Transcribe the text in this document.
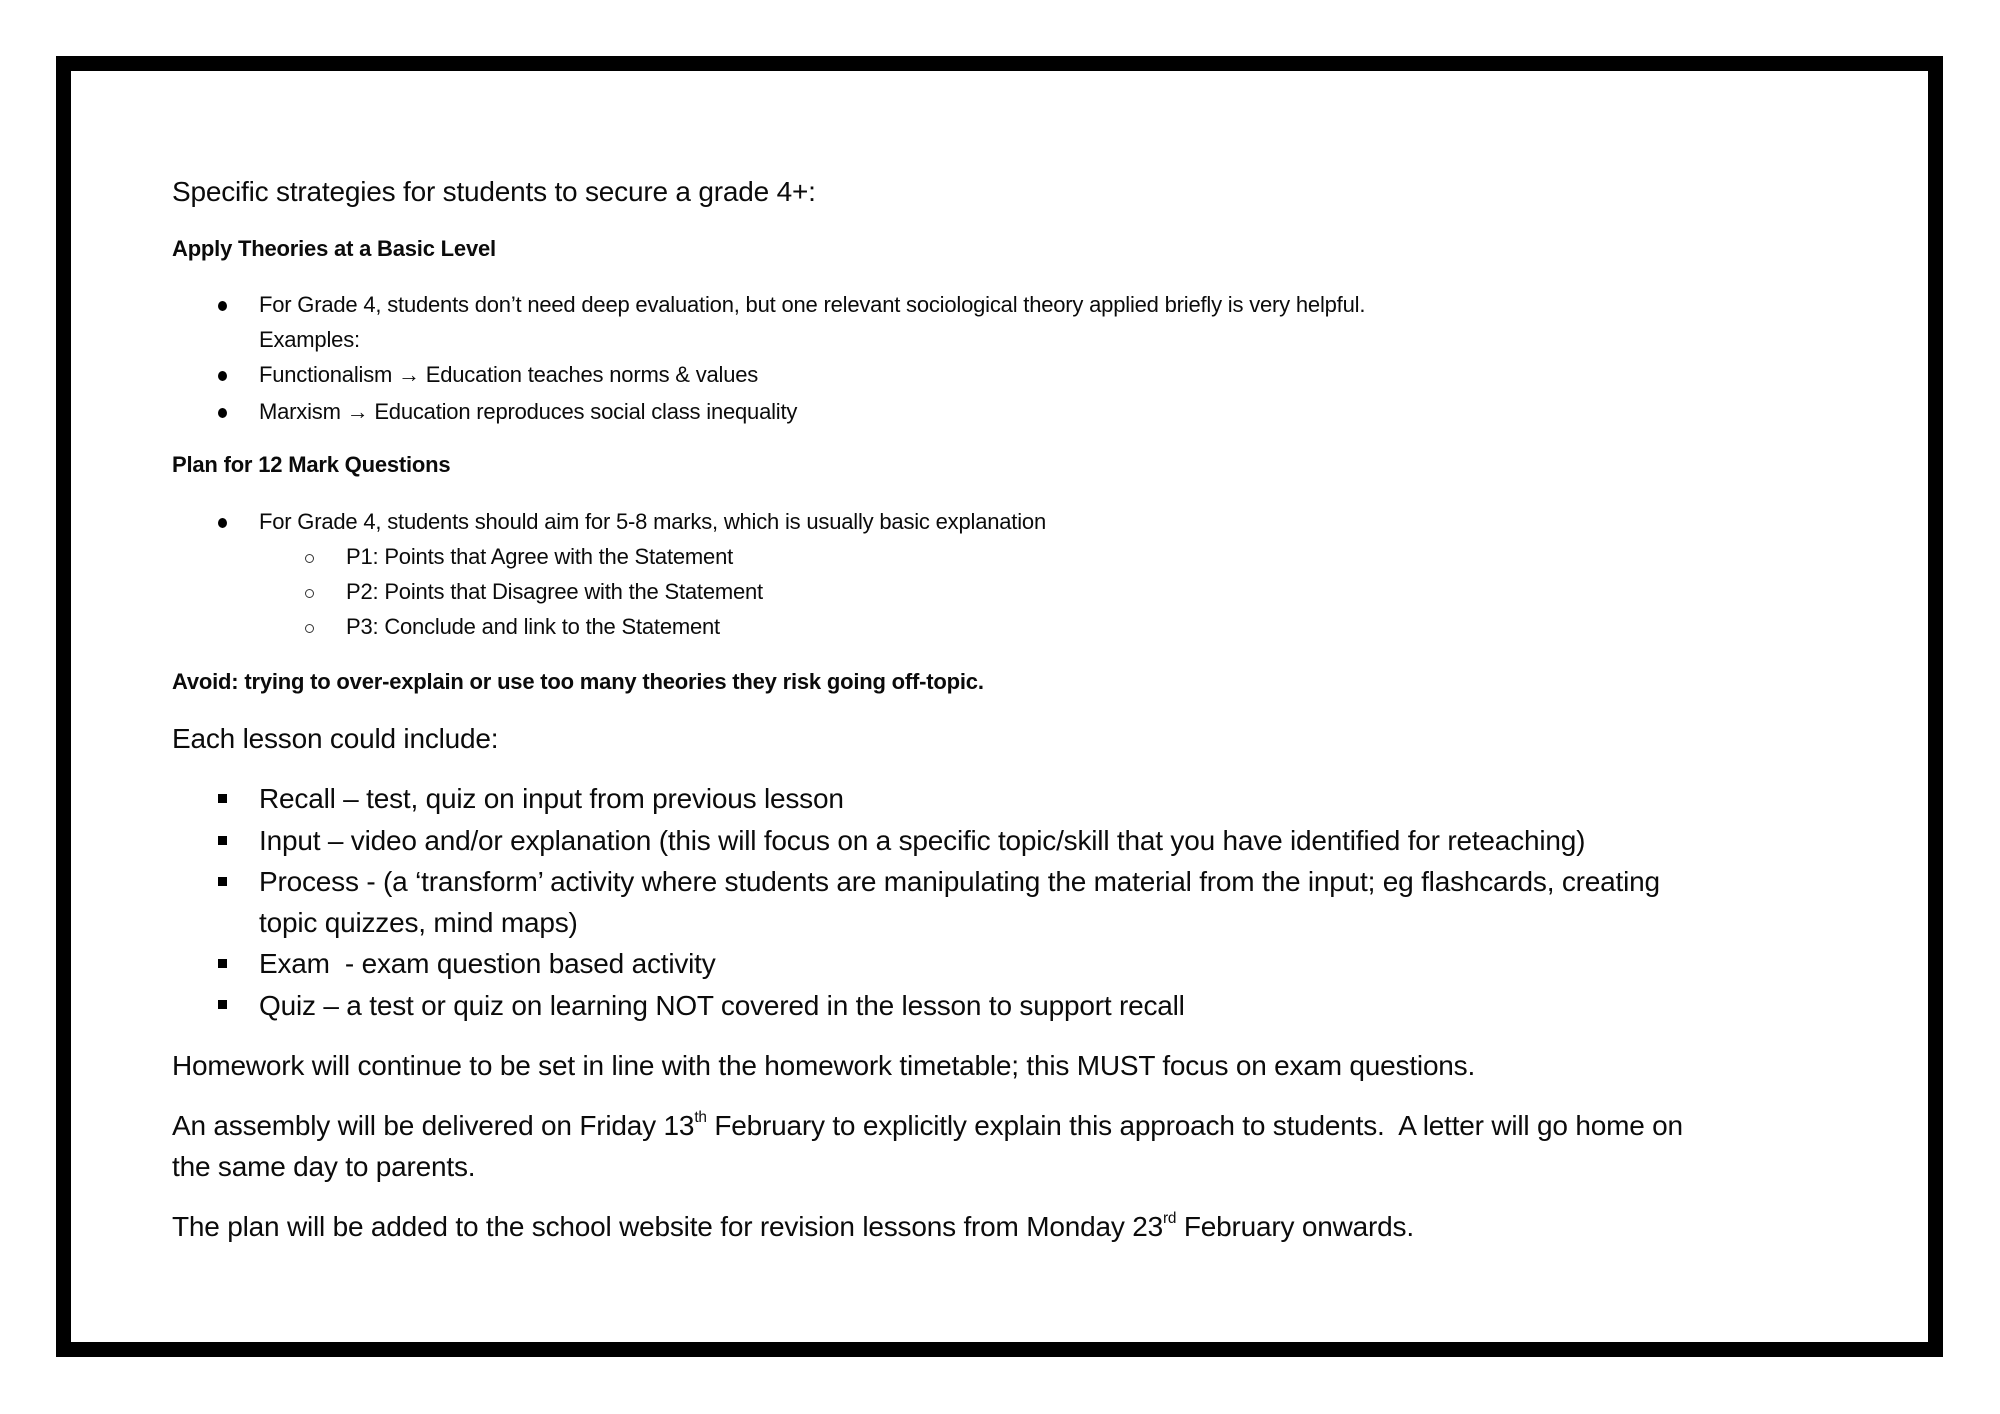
Specific strategies for students to secure a grade 4+:
Apply Theories at a Basic Level
For Grade 4, students don’t need deep evaluation, but one relevant sociological theory applied briefly is very helpful.
Examples:
Functionalism → Education teaches norms & values
Marxism → Education reproduces social class inequality
Plan for 12 Mark Questions
For Grade 4, students should aim for 5-8 marks, which is usually basic explanation
P1: Points that Agree with the Statement
P2: Points that Disagree with the Statement
P3: Conclude and link to the Statement
Avoid: trying to over-explain or use too many theories they risk going off-topic.
Each lesson could include:
Recall – test, quiz on input from previous lesson
Input – video and/or explanation (this will focus on a specific topic/skill that you have identified for reteaching)
Process - (a ‘transform’ activity where students are manipulating the material from the input; eg flashcards, creating
topic quizzes, mind maps)
Exam  - exam question based activity
Quiz – a test or quiz on learning NOT covered in the lesson to support recall
Homework will continue to be set in line with the homework timetable; this MUST focus on exam questions.
An assembly will be delivered on Friday 13th February to explicitly explain this approach to students.  A letter will go home on
the same day to parents.
The plan will be added to the school website for revision lessons from Monday 23rd February onwards.
